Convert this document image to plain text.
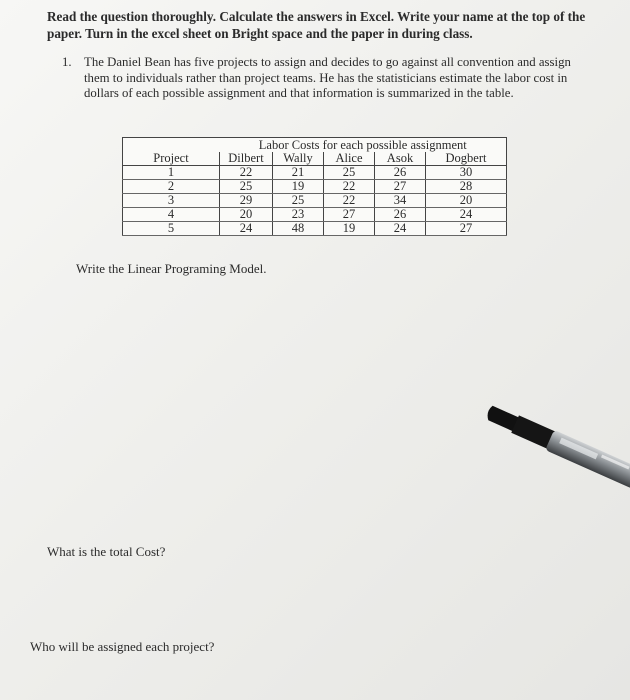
Read the question thoroughly. Calculate the answers in Excel. Write your name at the top of the paper. Turn in the excel sheet on Bright space and the paper in during class.
1. The Daniel Bean has five projects to assign and decides to go against all convention and assign them to individuals rather than project teams. He has the statisticians estimate the labor cost in dollars of each possible assignment and that information is summarized in the table.
	Labor Costs for each possible assignment				
Project	Dilbert	Wally	Alice	Asok	Dogbert
1	22	21	25	26	30
2	25	19	22	27	28
3	29	25	22	34	20
4	20	23	27	26	24
5	24	48	19	24	27
Write the Linear Programing Model.
What is the total Cost?
Who will be assigned each project?
